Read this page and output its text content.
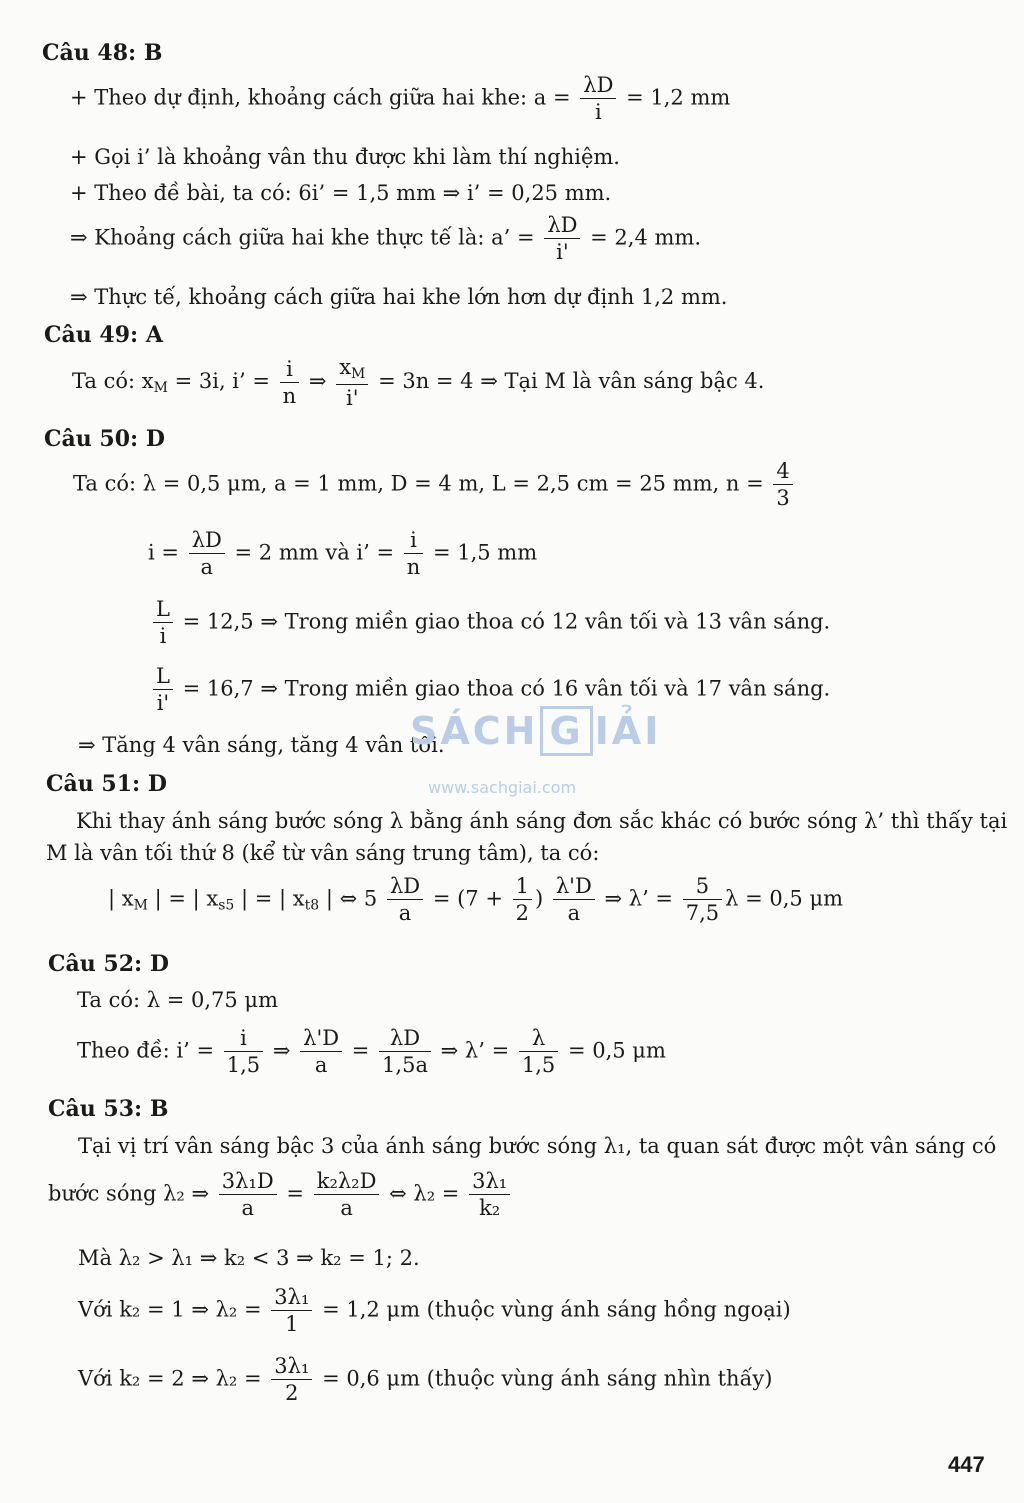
Câu 48: B
+ Theo dự định, khoảng cách giữa hai khe: $a = \frac{\lambda D}{i} = 1,2$ mm
+ Gọi i’ là khoảng vân thu được khi làm thí nghiệm.
+ Theo đề bài, ta có: 6i’ = 1,5 mm ⇒ i’ = 0,25 mm.
⇒ Khoảng cách giữa hai khe thực tế là: a’ = $\frac{\lambda D}{i'} = 2,4$ mm.
⇒ Thực tế, khoảng cách giữa hai khe lớn hơn dự định 1,2 mm.
Câu 49: A
Ta có: $x_M = 3i$, i’ = $\frac{i}{n}$ ⇒ $\frac{x_M}{i'} = 3n = 4$ ⇒ Tại M là vân sáng bậc 4.
Câu 50: D
Ta có: λ = 0,5 μm, a = 1 mm, D = 4 m, L = 2,5 cm = 25 mm, $n = \frac{4}{3}$
$i = \frac{\lambda D}{a} = 2$ mm và i’ = $\frac{i}{n} = 1,5$ mm
$\frac{L}{i} = 12,5$ ⇒ Trong miền giao thoa có 12 vân tối và 13 vân sáng.
$\frac{L}{i'} = 16,7$ ⇒ Trong miền giao thoa có 16 vân tối và 17 vân sáng.
⇒ Tăng 4 vân sáng, tăng 4 vân tối.
SÁCH G IẢI
www.sachgiai.com
Câu 51: D
Khi thay ánh sáng bước sóng λ bằng ánh sáng đơn sắc khác có bước sóng λ’ thì thấy tại
M là vân tối thứ 8 (kể từ vân sáng trung tâm), ta có:
| $x_M$ | = | $x_{s5}$ | = | $x_{t8}$ | ⇔ $5 \frac{\lambda D}{a} = (7 + \frac{1}{2}$ ) $\frac{\lambda'D}{a}$ ⇒ λ’ = $\frac{5}{7,5}$ λ = 0,5 μm
Câu 52: D
Ta có: λ = 0,75 μm
Theo đề: i’ = $\frac{i}{1,5}$ ⇒ $\frac{\lambda'D}{a} = \frac{\lambda D}{1,5a}$ ⇒ λ’ = $\frac{\lambda}{1,5} = 0,5$ μm
Câu 53: B
Tại vị trí vân sáng bậc 3 của ánh sáng bước sóng λ₁, ta quan sát được một vân sáng có
bước sóng λ₂ ⇒ $\frac{\text{3λ₁D}}{a} = \frac{\text{k₂λ₂D}}{a}$ ⇔ $\lambda_2 = \frac{\text{3λ₁}}{\text{k₂}}$
Mà λ₂ > λ₁ ⇒ k₂ < 3 ⇒ k₂ = 1; 2.
Với k₂ = 1 ⇒ $\lambda_2 = \frac{\text{3λ₁}}{1} = 1,2$ μm (thuộc vùng ánh sáng hồng ngoại)
Với k₂ = 2 ⇒ $\lambda_2 = \frac{\text{3λ₁}}{2} = 0,6$ μm (thuộc vùng ánh sáng nhìn thấy)
447
